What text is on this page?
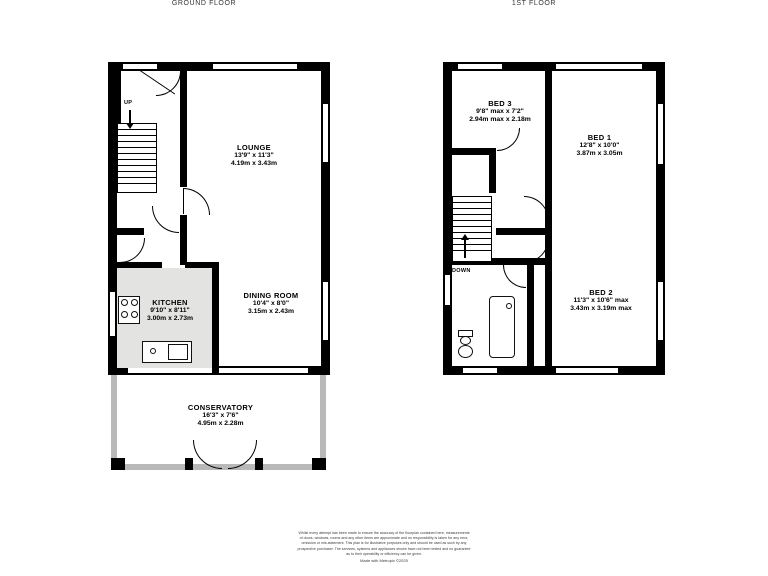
GROUND FLOOR	1ST FLOOR
UP
LOUNGE
13'9" x 11'3"
4.19m x 3.43m
KITCHEN
9'10" x 8'11"
3.00m x 2.73m
DINING ROOM
10'4" x 8'0"
3.15m x 2.43m
CONSERVATORY
16'3" x 7'6"
4.95m x 2.28m
DOWN
BED 3
9'8" max x 7'2"
2.94m max x 2.18m
BED 1
12'8" x 10'0"
3.87m x 3.05m
BED 2
11'3" x 10'6" max
3.43m x 3.19m max
Whilst every attempt has been made to ensure the accuracy of the floorplan contained here, measurements
of doors, windows, rooms and any other items are approximate and no responsibility is taken for any error,
omission or mis-statement. This plan is for illustrative purposes only and should be used as such by any
prospective purchaser. The services, systems and appliances shown have not been tested and no guarantee
as to their operability or efficiency can be given.
Made with Metropix ©2025
